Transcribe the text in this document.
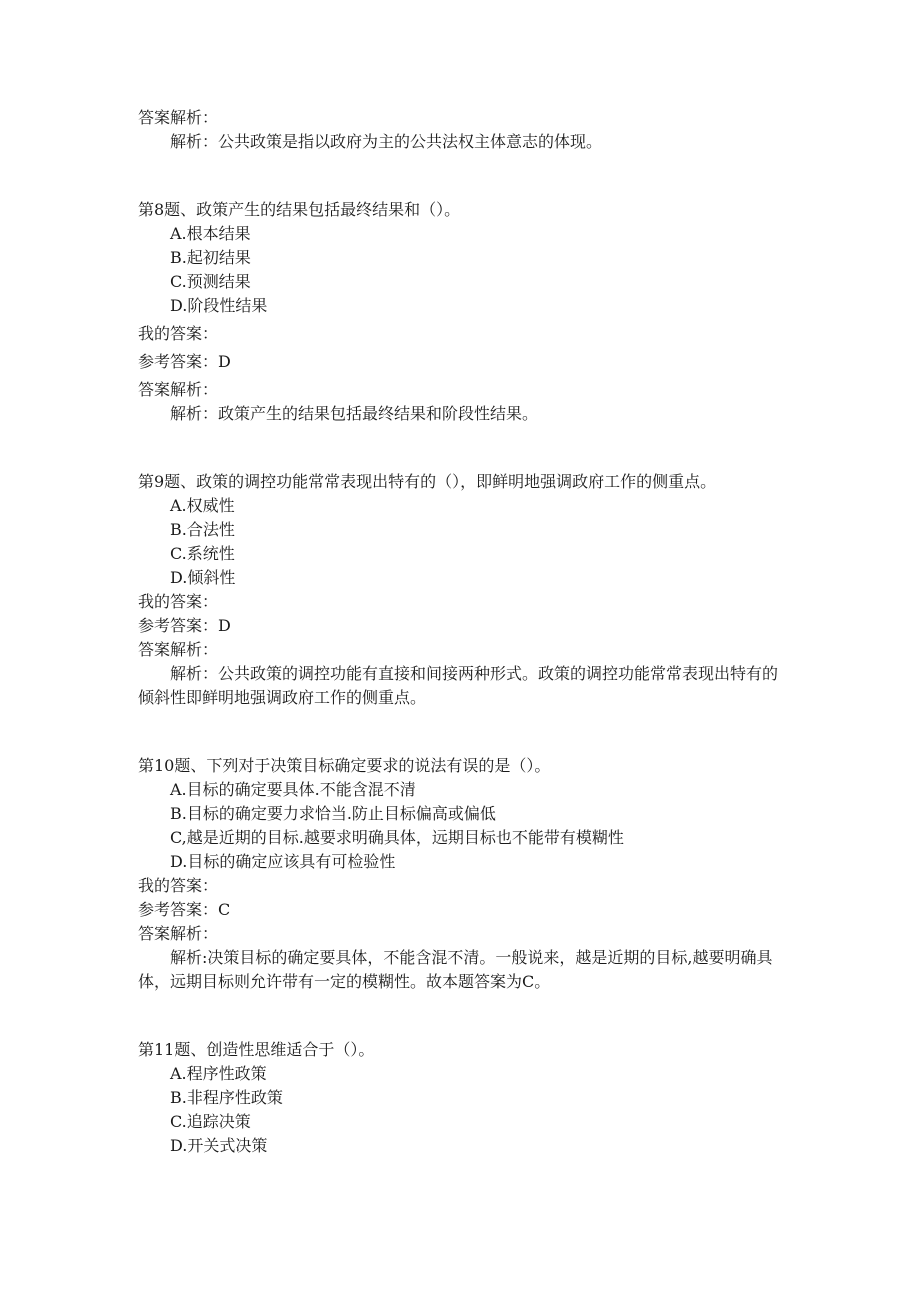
答案解析：
解析：公共政策是指以政府为主的公共法权主体意志的体现。
第8题、政策产生的结果包括最终结果和（）。
A.根本结果
B.起初结果
C.预测结果
D.阶段性结果
我的答案：
参考答案：D
答案解析：
解析：政策产生的结果包括最终结果和阶段性结果。
第9题、政策的调控功能常常表现出特有的（），即鲜明地强调政府工作的侧重点。
A.权威性
B.合法性
C.系统性
D.倾斜性
我的答案：
参考答案：D
答案解析：
解析：公共政策的调控功能有直接和间接两种形式。政策的调控功能常常表现出特有的倾斜性即鲜明地强调政府工作的侧重点。
第10题、下列对于决策目标确定要求的说法有误的是（）。
A.目标的确定要具体.不能含混不清
B.目标的确定要力求恰当.防止目标偏高或偏低
C,越是近期的目标.越要求明确具体，远期目标也不能带有模糊性
D.目标的确定应该具有可检验性
我的答案：
参考答案：C
答案解析：
解析:决策目标的确定要具体，不能含混不清。一般说来，越是近期的目标,越要明确具体，远期目标则允许带有一定的模糊性。故本题答案为C。
第11题、创造性思维适合于（）。
A.程序性政策
B.非程序性政策
C.追踪决策
D.开关式决策
